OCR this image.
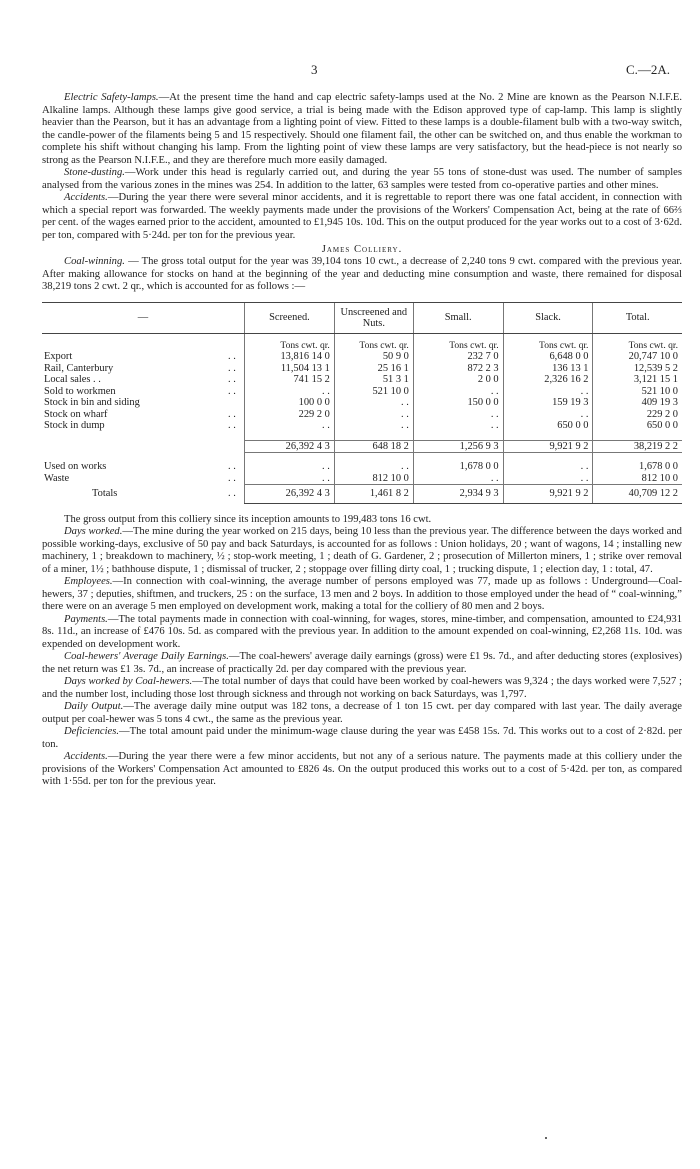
3	C.—2A.

Electric Safety-lamps.—At the present time the hand and cap electric safety-lamps used at the No. 2 Mine are known as the Pearson N.I.F.E. Alkaline lamps. Although these lamps give good service, a trial is being made with the Edison approved type of cap-lamp. This lamp is slightly heavier than the Pearson, but it has an advantage from a lighting point of view. Fitted to these lamps is a double-filament bulb with a two-way switch, the candle-power of the filaments being 5 and 15 respectively. Should one filament fail, the other can be switched on, and thus enable the workman to complete his shift without changing his lamp. From the lighting point of view these lamps are very satisfactory, but the head-piece is not nearly so strong as the Pearson N.I.F.E., and they are therefore much more easily damaged.

Stone-dusting.—Work under this head is regularly carried out, and during the year 55 tons of stone-dust was used. The number of samples analysed from the various zones in the mines was 254. In addition to the latter, 63 samples were tested from co-operative parties and other mines.

Accidents.—During the year there were several minor accidents, and it is regrettable to report there was one fatal accident, in connection with which a special report was forwarded. The weekly payments made under the provisions of the Workers' Compensation Act, being at the rate of 66⅔ per cent. of the wages earned prior to the accident, amounted to £1,945 10s. 10d. This on the output produced for the year works out to a cost of 3·62d. per ton, compared with 5·24d. per ton for the previous year.

James Colliery.

Coal-winning. — The gross total output for the year was 39,104 tons 10 cwt., a decrease of 2,240 tons 9 cwt. compared with the previous year. After making allowance for stocks on hand at the beginning of the year and deducting mine consumption and waste, there remained for disposal 38,219 tons 2 cwt. 2 qr., which is accounted for as follows :—

—		Screened.	Unscreened and Nuts.	Small.	Slack.	Total.
		Tons cwt. qr.	Tons cwt. qr.	Tons cwt. qr.	Tons cwt. qr.	Tons cwt. qr.
Export	. .	13,816 14 0	50 9 0	232 7 0	6,648 0 0	20,747 10 0
Rail, Canterbury	. .	11,504 13 1	25 16 1	872 2 3	136 13 1	12,539 5 2
Local sales . .	. .	741 15 2	51 3 1	2 0 0	2,326 16 2	3,121 15 1
Sold to workmen	. .	. .	521 10 0	. .	. .	521 10 0
Stock in bin and siding		100 0 0	. .	150 0 0	159 19 3	409 19 3
Stock on wharf	. .	229 2 0	. .	. .	. .	229 2 0
Stock in dump	. .	. .	. .	. .	650 0 0	650 0 0

		26,392 4 3	648 18 2	1,256 9 3	9,921 9 2	38,219 2 2

Used on works	. .	. .	. .	1,678 0 0	. .	1,678 0 0
Waste	. .	. .	812 10 0	. .	. .	812 10 0
Totals	. .	26,392 4 3	1,461 8 2	2,934 9 3	9,921 9 2	40,709 12 2

The gross output from this colliery since its inception amounts to 199,483 tons 16 cwt.

Days worked.—The mine during the year worked on 215 days, being 10 less than the previous year. The difference between the days worked and possible working-days, exclusive of 50 pay and back Saturdays, is accounted for as follows : Union holidays, 20 ; want of wagons, 14 ; installing new machinery, 1 ; breakdown to machinery, ½ ; stop-work meeting, 1 ; death of G. Gardener, 2 ; prosecution of Millerton miners, 1 ; strike over removal of a miner, 1½ ; bathhouse dispute, 1 ; dismissal of trucker, 2 ; stoppage over filling dirty coal, 1 ; trucking dispute, 1 ; election day, 1 : total, 47.

Employees.—In connection with coal-winning, the average number of persons employed was 77, made up as follows : Underground—Coal-hewers, 37 ; deputies, shiftmen, and truckers, 25 : on the surface, 13 men and 2 boys. In addition to those employed under the head of “ coal-winning,” there were on an average 5 men employed on development work, making a total for the colliery of 80 men and 2 boys.

Payments.—The total payments made in connection with coal-winning, for wages, stores, mine-timber, and compensation, amounted to £24,931 8s. 11d., an increase of £476 10s. 5d. as compared with the previous year. In addition to the amount expended on coal-winning, £2,268 11s. 10d. was expended on development work.

Coal-hewers' Average Daily Earnings.—The coal-hewers' average daily earnings (gross) were £1 9s. 7d., and after deducting stores (explosives) the net return was £1 3s. 7d., an increase of practically 2d. per day compared with the previous year.

Days worked by Coal-hewers.—The total number of days that could have been worked by coal-hewers was 9,324 ; the days worked were 7,527 ; and the number lost, including those lost through sickness and through not working on back Saturdays, was 1,797.

Daily Output.—The average daily mine output was 182 tons, a decrease of 1 ton 15 cwt. per day compared with last year. The daily average output per coal-hewer was 5 tons 4 cwt., the same as the previous year.

Deficiencies.—The total amount paid under the minimum-wage clause during the year was £458 15s. 7d. This works out to a cost of 2·82d. per ton.

Accidents.—During the year there were a few minor accidents, but not any of a serious nature. The payments made at this colliery under the provisions of the Workers' Compensation Act amounted to £826 4s. On the output produced this works out to a cost of 5·42d. per ton, as compared with 1·55d. per ton for the previous year.
